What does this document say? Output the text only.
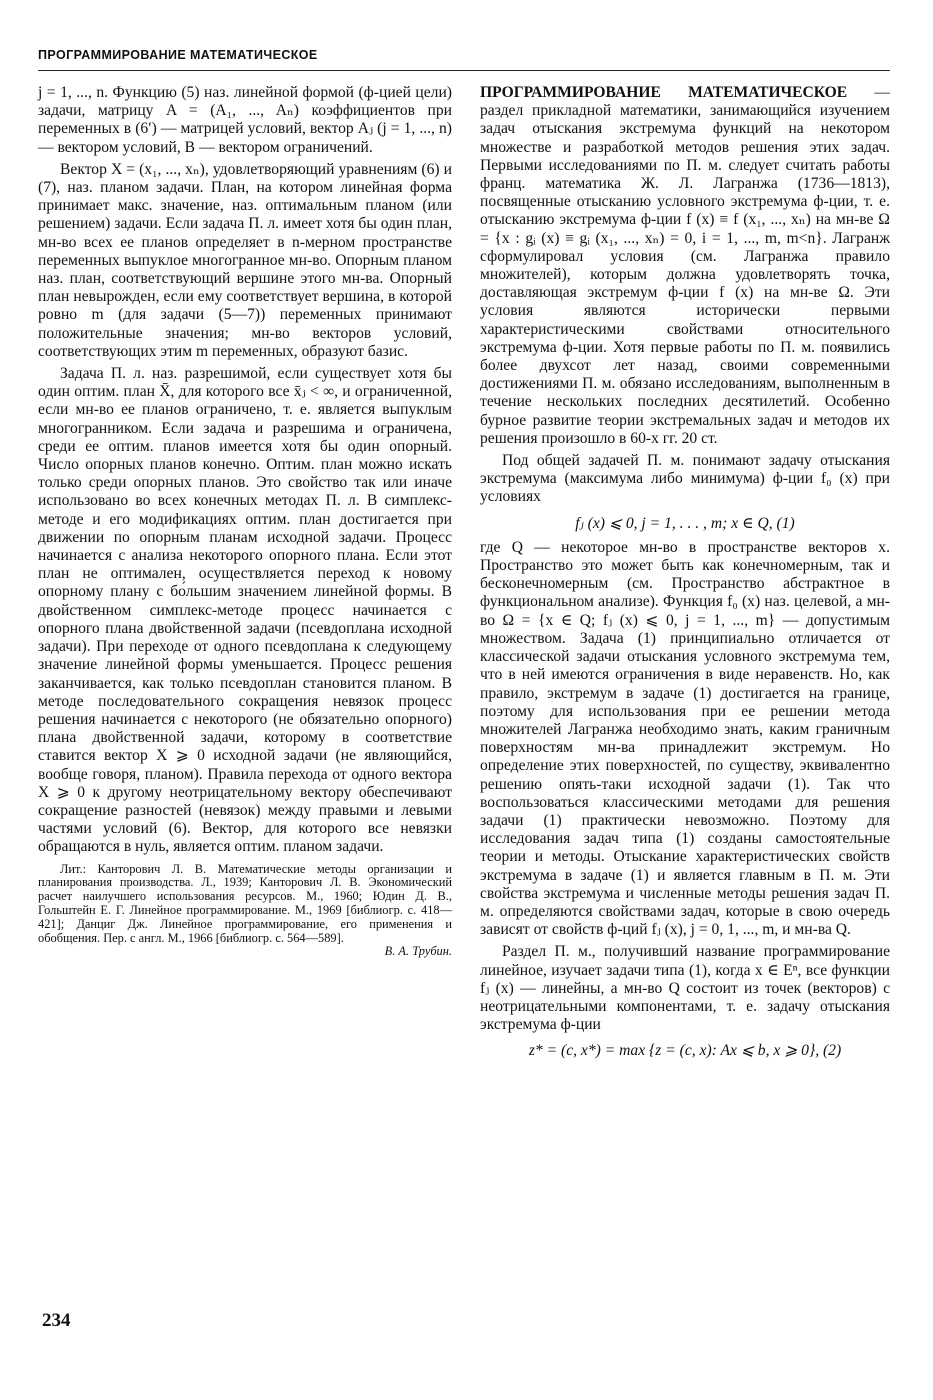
ПРОГРАММИРОВАНИЕ МАТЕМАТИЧЕСКОЕ

j = 1, ..., n. Функцию (5) наз. линейной формой (ф-цией цели) задачи, матрицу A = (A₁, ..., Aₙ) коэффициентов при переменных в (6′) — матрицей условий, вектор Aⱼ (j = 1, ..., n) — вектором условий, B — вектором ограничений.

Вектор X = (x₁, ..., xₙ), удовлетворяющий уравнениям (6) и (7), наз. планом задачи. План, на котором линейная форма принимает макс. значение, наз. оптимальным планом (или решением) задачи. Если задача П. л. имеет хотя бы один план, мн-во всех ее планов определяет в n-мерном пространстве переменных выпуклое многогранное мн-во. Опорным планом наз. план, соответствующий вершине этого мн-ва. Опорный план невырожден, если ему соответствует вершина, в которой ровно m (для задачи (5—7)) переменных принимают положительные значения; мн-во векторов условий, соответствующих этим m переменных, образуют базис.

Задача П. л. наз. разрешимой, если существует хотя бы один оптим. план X̄, для которого все x̄ⱼ < ∞, и ограниченной, если мн-во ее планов ограничено, т. е. является выпуклым многогранником. Если задача и разрешима и ограничена, среди ее оптим. планов имеется хотя бы один опорный. Число опорных планов конечно. Оптим. план можно искать только среди опорных планов. Это свойство так или иначе использовано во всех конечных методах П. л. В симплекс-методе и его модификациях оптим. план достигается при движении по опорным планам исходной задачи. Процесс начинается с анализа некоторого опорного плана. Если этот план не оптимален, осуществляется переход к новому опорному плану с бо́льшим значением линейной формы. В двойственном симплекс-методе процесс начинается с опорного плана двойственной задачи (псевдоплана исходной задачи). При переходе от одного псевдоплана к следующему значение линейной формы уменьшается. Процесс решения заканчивается, как только псевдоплан становится планом. В методе последовательного сокращения невязок процесс решения начинается с некоторого (не обязательно опорного) плана двойственной задачи, которому в соответствие ставится вектор X ⩾ 0 исходной задачи (не являющийся, вообще говоря, планом). Правила перехода от одного вектора X ⩾ 0 к другому неотрицательному вектору обеспечивают сокращение разностей (невязок) между правыми и левыми частями условий (6). Вектор, для которого все невязки обращаются в нуль, является оптим. планом задачи.

Лит.: Канторович Л. В. Математические методы организации и планирования производства. Л., 1939; Канторович Л. В. Экономический расчет наилучшего использования ресурсов. М., 1960; Юдин Д. В., Гольштейн Е. Г. Линейное программирование. М., 1969 [библиогр. с. 418—421]; Данциг Дж. Линейное программирование, его применения и обобщения. Пер. с англ. М., 1966 [библиогр. с. 564—589].
В. А. Трубин.

ПРОГРАММИРОВАНИЕ МАТЕМАТИЧЕСКОЕ — раздел прикладной математики, занимающийся изучением задач отыскания экстремума функций на некотором множестве и разработкой методов решения этих задач. Первыми исследованиями по П. м. следует считать работы франц. математика Ж. Л. Лагранжа (1736—1813), посвященные отысканию условного экстремума ф-ции, т. е. отысканию экстремума ф-ции f (x) ≡ f (x₁, ..., xₙ) на мн-ве Ω = {x : gᵢ (x) ≡ gᵢ (x₁, ..., xₙ) = 0, i = 1, ..., m, m<n}. Лагранж сформулировал условия (см. Лагранжа правило множителей), которым должна удовлетворять точка, доставляющая экстремум ф-ции f (x) на мн-ве Ω. Эти условия являются исторически первыми характеристическими свойствами относительного экстремума ф-ции. Хотя первые работы по П. м. появились более двухсот лет назад, своими современными достижениями П. м. обязано исследованиям, выполненным в течение нескольких последних десятилетий. Особенно бурное развитие теории экстремальных задач и методов их решения произошло в 60-х гг. 20 ст.

Под общей задачей П. м. понимают задачу отыскания экстремума (максимума либо минимума) ф-ции f₀ (x) при условиях

fⱼ (x) ⩽ 0, j = 1, . . . , m; x ∈ Q, (1)

где Q — некоторое мн-во в пространстве векторов x. Пространство это может быть как конечномерным, так и бесконечномерным (см. Пространство абстрактное в функциональном анализе). Функция f₀ (x) наз. целевой, а мн-во Ω = {x ∈ Q; fⱼ (x) ⩽ 0, j = 1, ..., m} — допустимым множеством. Задача (1) принципиально отличается от классической задачи отыскания условного экстремума тем, что в ней имеются ограничения в виде неравенств. Но, как правило, экстремум в задаче (1) достигается на границе, поэтому для использования при ее решении метода множителей Лагранжа необходимо знать, каким граничным поверхностям мн-ва принадлежит экстремум. Но определение этих поверхностей, по существу, эквивалентно решению опять-таки исходной задачи (1). Так что воспользоваться классическими методами для решения задачи (1) практически невозможно. Поэтому для исследования задач типа (1) созданы самостоятельные теории и методы. Отыскание характеристических свойств экстремума в задаче (1) и является главным в П. м. Эти свойства экстремума и численные методы решения задач П. м. определяются свойствами задач, которые в свою очередь зависят от свойств ф-ций fⱼ (x), j = 0, 1, ..., m, и мн-ва Q.

Раздел П. м., получивший название программирование линейное, изучает задачи типа (1), когда x ∈ Eⁿ, все функции fⱼ (x) — линейны, а мн-во Q состоит из точек (векторов) с неотрицательными компонентами, т. е. задачу отыскания экстремума ф-ции

z* = (c, x*) = max {z = (c, x): Ax ⩽ b, x ⩾ 0}, (2)

234
